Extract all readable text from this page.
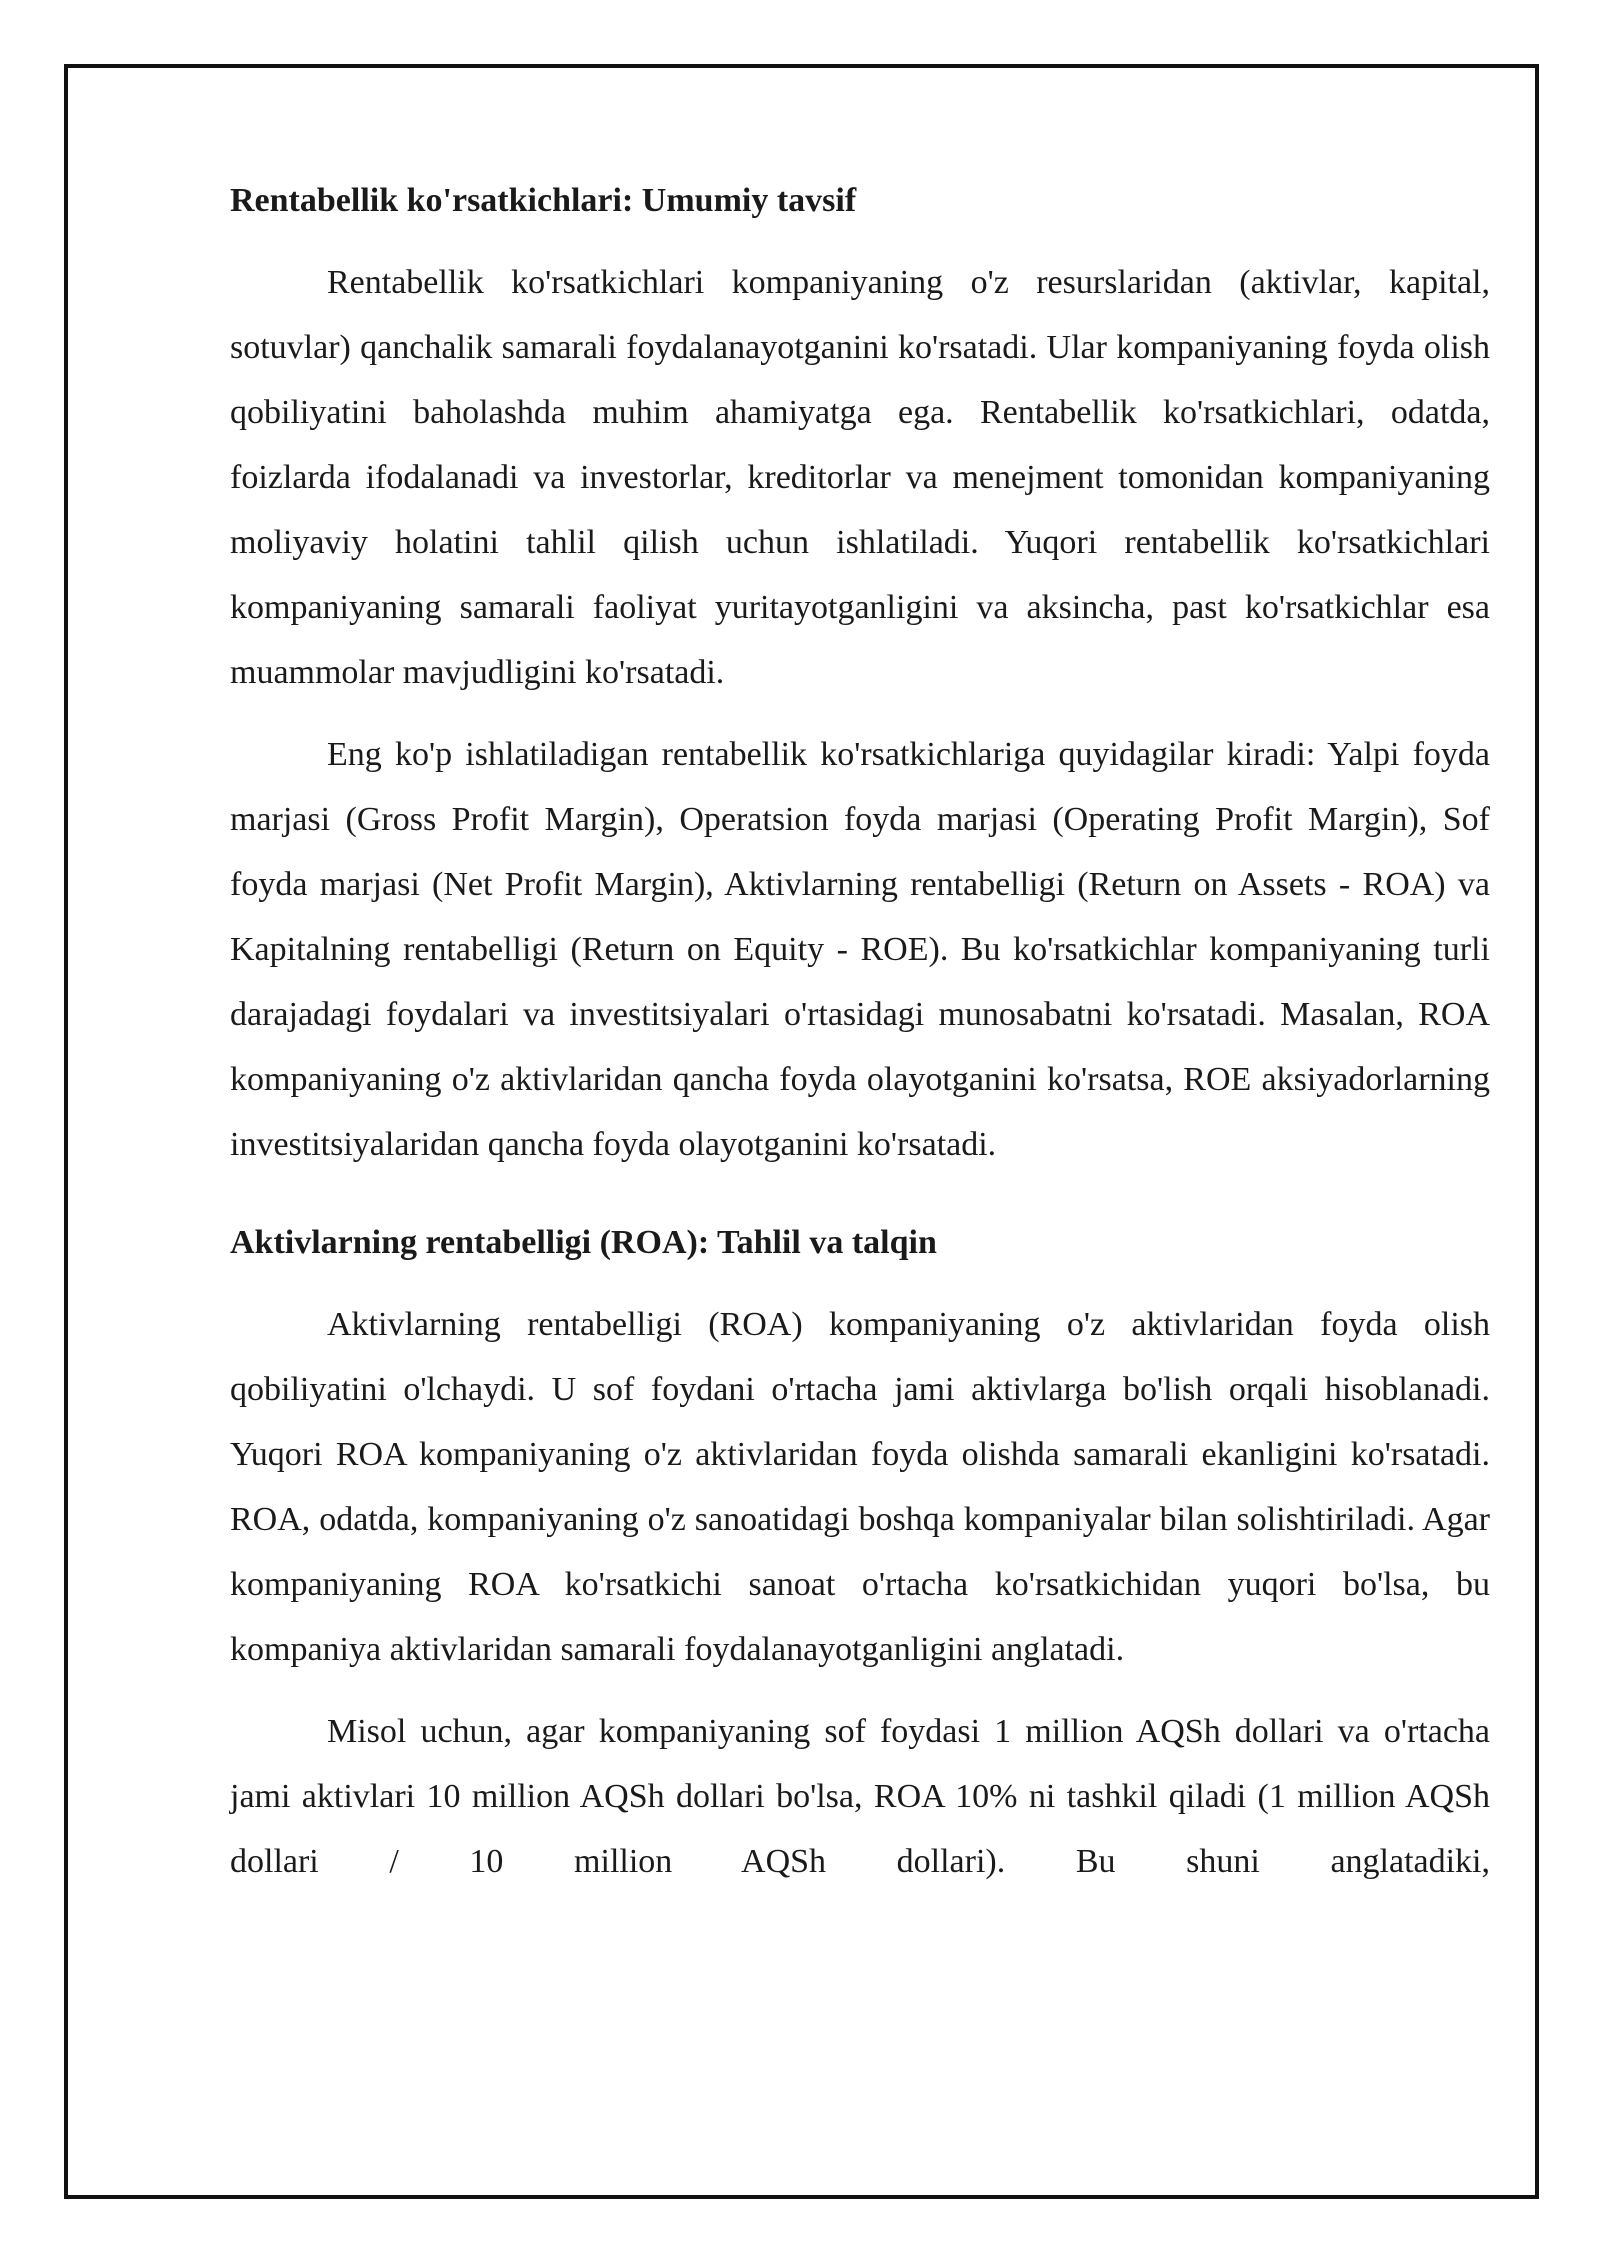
Rentabellik ko'rsatkichlari: Umumiy tavsif

Rentabellik ko'rsatkichlari kompaniyaning o'z resurslaridan (aktivlar, kapital, sotuvlar) qanchalik samarali foydalanayotganini ko'rsatadi. Ular kompaniyaning foyda olish qobiliyatini baholashda muhim ahamiyatga ega. Rentabellik ko'rsatkichlari, odatda, foizlarda ifodalanadi va investorlar, kreditorlar va menejment tomonidan kompaniyaning moliyaviy holatini tahlil qilish uchun ishlatiladi. Yuqori rentabellik ko'rsatkichlari kompaniyaning samarali faoliyat yuritayotganligini va aksincha, past ko'rsatkichlar esa muammolar mavjudligini ko'rsatadi.

Eng ko'p ishlatiladigan rentabellik ko'rsatkichlariga quyidagilar kiradi: Yalpi foyda marjasi (Gross Profit Margin), Operatsion foyda marjasi (Operating Profit Margin), Sof foyda marjasi (Net Profit Margin), Aktivlarning rentabelligi (Return on Assets - ROA) va Kapitalning rentabelligi (Return on Equity - ROE). Bu ko'rsatkichlar kompaniyaning turli darajadagi foydalari va investitsiyalari o'rtasidagi munosabatni ko'rsatadi. Masalan, ROA kompaniyaning o'z aktivlaridan qancha foyda olayotganini ko'rsatsa, ROE aksiyadorlarning investitsiyalaridan qancha foyda olayotganini ko'rsatadi.

Aktivlarning rentabelligi (ROA): Tahlil va talqin

Aktivlarning rentabelligi (ROA) kompaniyaning o'z aktivlaridan foyda olish qobiliyatini o'lchaydi. U sof foydani o'rtacha jami aktivlarga bo'lish orqali hisoblanadi. Yuqori ROA kompaniyaning o'z aktivlaridan foyda olishda samarali ekanligini ko'rsatadi. ROA, odatda, kompaniyaning o'z sanoatidagi boshqa kompaniyalar bilan solishtiriladi. Agar kompaniyaning ROA ko'rsatkichi sanoat o'rtacha ko'rsatkichidan yuqori bo'lsa, bu kompaniya aktivlaridan samarali foydalanayotganligini anglatadi.

Misol uchun, agar kompaniyaning sof foydasi 1 million AQSh dollari va o'rtacha jami aktivlari 10 million AQSh dollari bo'lsa, ROA 10% ni tashkil qiladi (1 million AQSh dollari / 10 million AQSh dollari). Bu shuni anglatadiki,
